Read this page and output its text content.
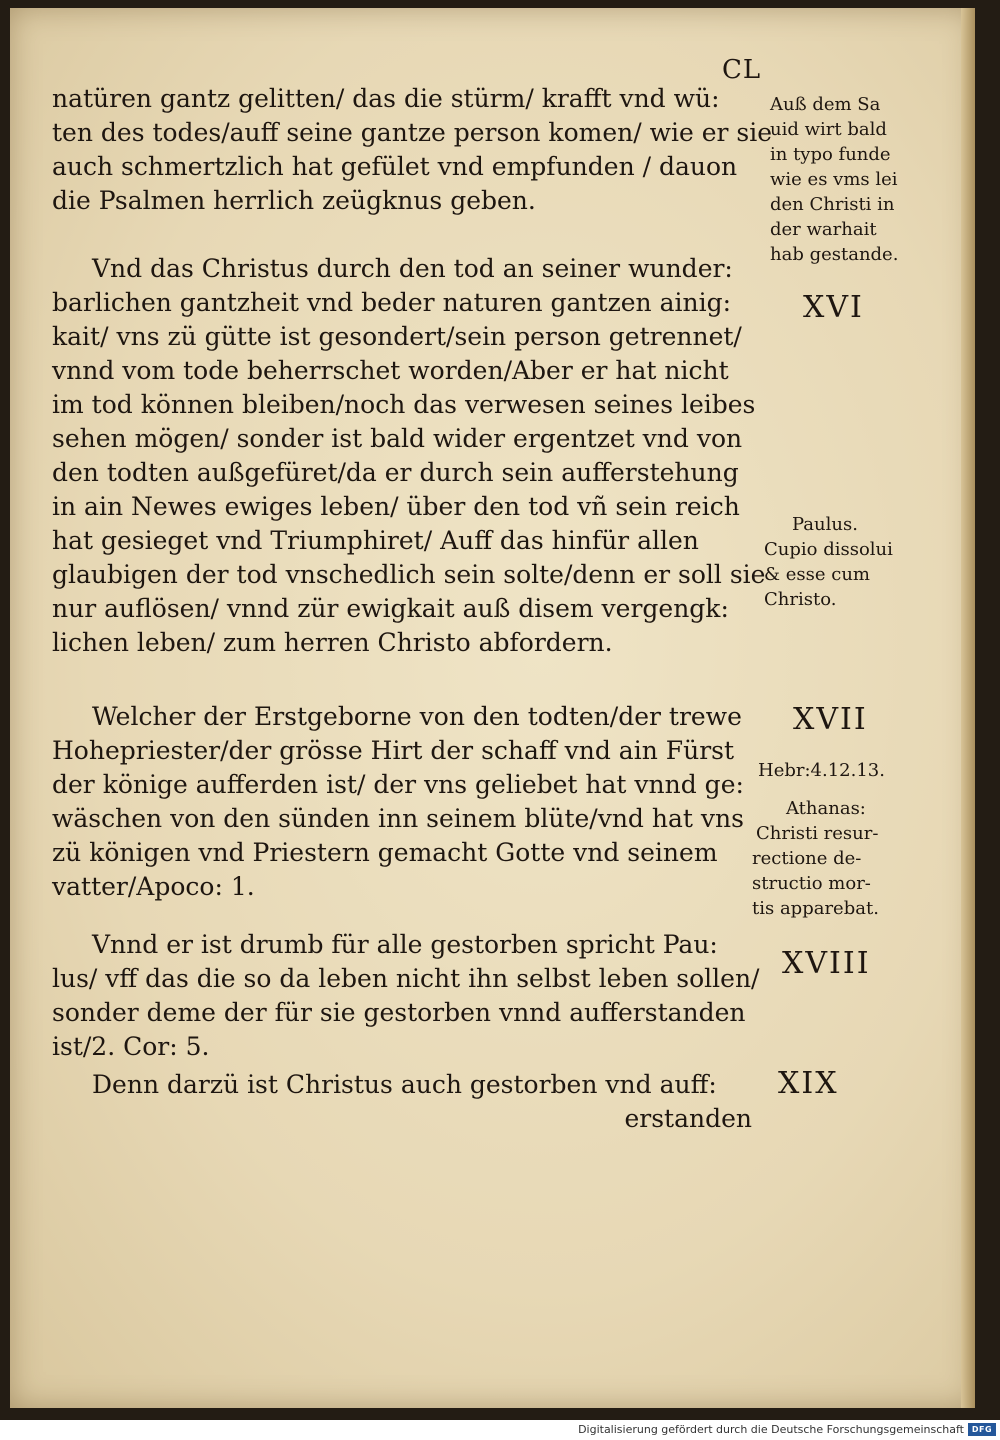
CL
natüren gantz gelitten/ das die stürm/ krafft vnd wü:
ten des todes/auff seine gantze person komen/ wie er sie
auch schmertzlich hat gefület vnd empfunden / dauon
die Psalmen herrlich zeügknus geben.
Vnd das Christus durch den tod an seiner wunder:
barlichen gantzheit vnd beder naturen gantzen ainig:
kait/ vns zü gütte ist gesondert/sein person getrennet/
vnnd vom tode beherrschet worden/Aber er hat nicht
im tod können bleiben/noch das verwesen seines leibes
sehen mögen/ sonder ist bald wider ergentzet vnd von
den todten außgefüret/da er durch sein aufferstehung
in ain Newes ewiges leben/ über den tod vñ sein reich
hat gesieget vnd Triumphiret/ Auff das hinfür allen
glaubigen der tod vnschedlich sein solte/denn er soll sie
nur auflösen/ vnnd zür ewigkait auß disem vergengk:
lichen leben/ zum herren Christo abfordern.
Welcher der Erstgeborne von den todten/der trewe
Hohepriester/der grösse Hirt der schaff vnd ain Fürst
der könige aufferden ist/ der vns geliebet hat vnnd ge:
wäschen von den sünden inn seinem blüte/vnd hat vns
zü königen vnd Priestern gemacht Gotte vnd seinem
vatter/Apoco: 1.
Vnnd er ist drumb für alle gestorben spricht Pau:
lus/ vff das die so da leben nicht ihn selbst leben sollen/
sonder deme der für sie gestorben vnnd aufferstanden
ist/2. Cor: 5.
Denn darzü ist Christus auch gestorben vnd auff:
erstanden
Auß dem Sa
uid wirt bald
in typo funde
wie es vms lei
den Christi in
der warhait
hab gestande.
Paulus.
Cupio dissolui
& esse cum
Christo.
Hebr:4.12.13.
Athanas:
Christi resur-
rectione de-
structio mor-
tis apparebat.
XVI
XVII
XVIII
XIX
Digitalisierung gefördert durch die Deutsche Forschungsgemeinschaft DFG
